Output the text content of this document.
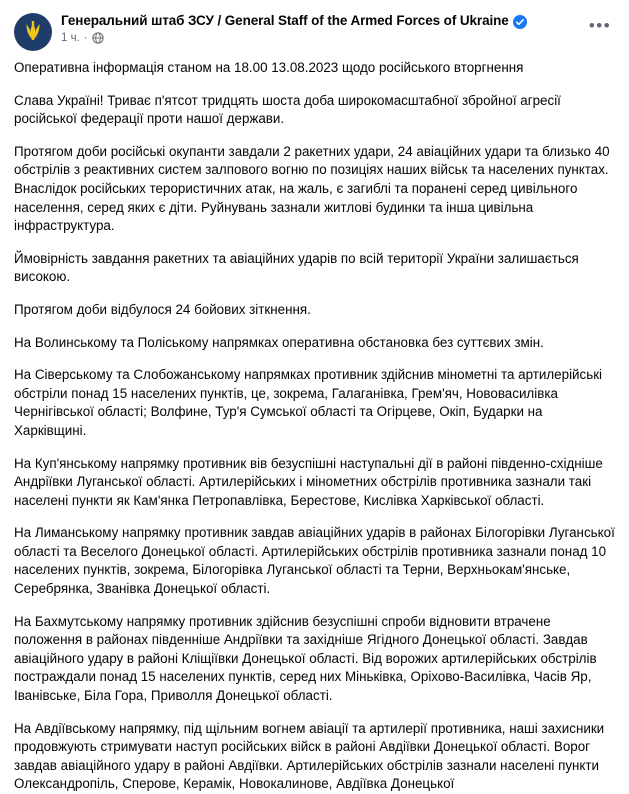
Генеральний штаб ЗСУ / General Staff of the Armed Forces of Ukraine
1 ч. ·
•••

Оперативна інформація станом на 18.00 13.08.2023 щодо російського вторгнення

Слава Україні! Триває п'ятсот тридцять шоста доба широкомасштабної збройної агресії російської федерації проти нашої держави.

Протягом доби російські окупанти завдали 2 ракетних удари, 24 авіаційних удари та близько 40 обстрілів з реактивних систем залпового вогню по позиціях наших військ та населених пунктах. Внаслідок російських терористичних атак, на жаль, є загиблі та поранені серед цивільного населення, серед яких є діти. Руйнувань зазнали житлові будинки та інша цивільна інфраструктура.

Ймовірність завдання ракетних та авіаційних удapів по всій території України залишається високою.

Протягом доби відбулося 24 бойових зіткнення.

На Волинському та Поліському напрямках оперативна обстановка без суттєвих змін.

На Сіверському та Слобожанському напрямках противник здійснив мінометні та артилерійські обстріли понад 15 населених пунктів, це, зокрема, Галаганівка, Грем'яч, Нововасилівка Чернігівської області; Волфине, Тур'я Сумської області та Огірцеве, Окіп, Бударки на Харківщині.

На Куп'янському напрямку противник вів безуспішні наступальні дії в районі південно-східніше Андріївки Луганської області. Артилерійських і мінометних обстрілів противника зазнали такі населені пункти як Кам'янка Петропавлівка, Берестове, Кислівка Харківської області.

На Лиманському напрямку противник завдав авіаційних ударів в районах Білогорівки Луганської області та Веселого Донецької області. Артилерійських обстрілів противника зазнали понад 10 населених пунктів, зокрема, Білогорівка Луганської області та Терни, Верхньокам'янське, Серебрянка, Званівка Донецької області.

На Бахмутському напрямку противник здійснив безуспішні спроби відновити втрачене положення в районах південніше Андріївки та західніше Ягідного Донецької області. Завдав авіаційного удару в районі Кліщіївки Донецької області. Від ворожих артилерійських обстрілів постраждали понад 15 населених пунктів, серед них Міньківка, Оріхово-Василівка, Часів Яр, Іванівське, Біла Гора, Приволля Донецької області.

На Авдіївському напрямку, під щільним вогнем авіації та артилерії противника, наші захисники продовжують стримувати наступ російських війск в районі Авдіївки Донецької області. Ворог завдав авіаційного удару в районі Авдіївки. Артилерійських обстрілів зазнали населені пункти Олександропіль, Спеpове, Керамік, Новокалинове, Авдіївка Донецької
